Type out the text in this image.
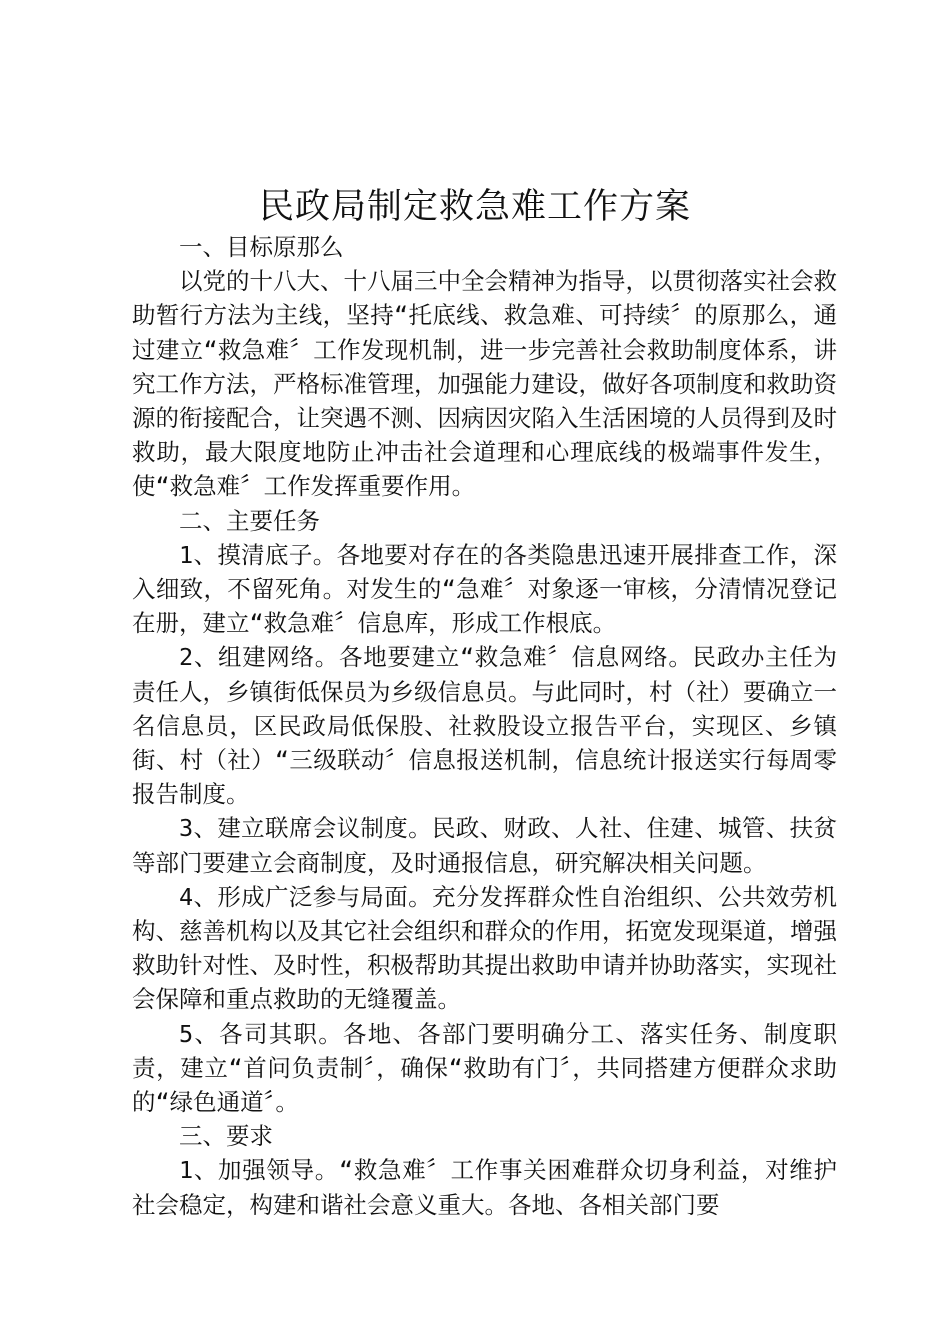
民政局制定救急难工作方案

一、目标原那么

以党的十八大、十八届三中全会精神为指导，以贯彻落实社会救助暂行方法为主线，坚持“托底线、救急难、可持续〞的原那么，通过建立“救急难〞工作发现机制，进一步完善社会救助制度体系，讲究工作方法，严格标准管理，加强能力建设，做好各项制度和救助资源的衔接配合，让突遇不测、因病因灾陷入生活困境的人员得到及时救助，最大限度地防止冲击社会道理和心理底线的极端事件发生，使“救急难〞工作发挥重要作用。

二、主要任务

1、摸清底子。各地要对存在的各类隐患迅速开展排查工作，深入细致，不留死角。对发生的“急难〞对象逐一审核，分清情况登记在册，建立“救急难〞信息库，形成工作根底。

2、组建网络。各地要建立“救急难〞信息网络。民政办主任为责任人，乡镇街低保员为乡级信息员。与此同时，村（社）要确立一名信息员，区民政局低保股、社救股设立报告平台，实现区、乡镇街、村（社）“三级联动〞信息报送机制，信息统计报送实行每周零报告制度。

3、建立联席会议制度。民政、财政、人社、住建、城管、扶贫等部门要建立会商制度，及时通报信息，研究解决相关问题。

4、形成广泛参与局面。充分发挥群众性自治组织、公共效劳机构、慈善机构以及其它社会组织和群众的作用，拓宽发现渠道，增强救助针对性、及时性，积极帮助其提出救助申请并协助落实，实现社会保障和重点救助的无缝覆盖。

5、各司其职。各地、各部门要明确分工、落实任务、制度职责，建立“首问负责制〞，确保“救助有门〞，共同搭建方便群众求助的“绿色通道〞。

三、要求

1、加强领导。“救急难〞工作事关困难群众切身利益，对维护社会稳定，构建和谐社会意义重大。各地、各相关部门要
